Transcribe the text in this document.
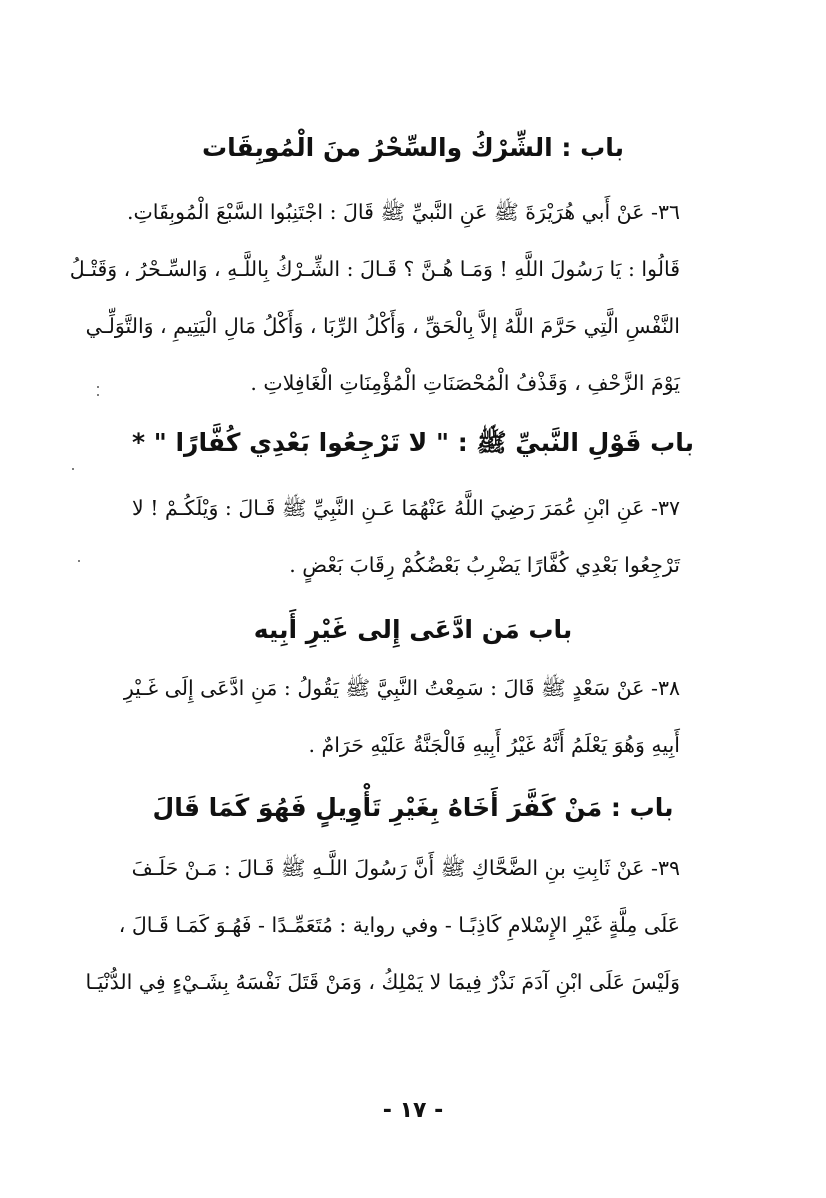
باب : الشِّرْكُ والسِّحْرُ منَ الْمُوبِقَات
٣٦- عَنْ أَبي هُرَيْرَةَ ﷺ عَنِ النَّبيِّ ﷺ قَالَ : اجْتَنِبُوا السَّبْعَ الْمُوبِقَاتِ.
قَالُوا : يَا رَسُولَ اللَّهِ ! وَمَـا هُـنَّ ؟ قَـالَ : الشِّـرْكُ بِاللَّـهِ ، وَالسِّـحْرُ ، وَقَتْـلُ
النَّفْسِ الَّتِي حَرَّمَ اللَّهُ إلاَّ بِالْحَقِّ ، وَأَكْلُ الرِّبَا ، وَأَكْلُ مَالِ الْيَتِيمِ ، وَالتَّوَلِّـي
يَوْمَ الزَّحْفِ ، وَقَذْفُ الْمُحْصَنَاتِ الْمُؤْمِنَاتِ الْغَافِلاتِ .
باب قَوْلِ النَّبيِّ ﷺ : " لا تَرْجِعُوا بَعْدِي كُفَّارًا " *
٣٧- عَنِ ابْنِ عُمَرَ رَضِيَ اللَّهُ عَنْهُمَا عَـنِ النَّبِيِّ ﷺ قَـالَ : وَيْلَكُـمْ ! لا
تَرْجِعُوا بَعْدِي كُفَّارًا يَضْرِبُ بَعْضُكُمْ رِقَابَ بَعْضٍ .
باب مَن ادَّعَى إِلى غَيْرِ أَبِيه
٣٨- عَنْ سَعْدٍ ﷺ قَالَ : سَمِعْتُ النَّبِيَّ ﷺ يَقُولُ : مَنِ ادَّعَى إِلَى غَـيْرِ
أَبِيهِ وَهُوَ يَعْلَمُ أَنَّهُ غَيْرُ أَبِيهِ فَالْجَنَّةُ عَلَيْهِ حَرَامٌ .
باب : مَنْ كَفَّرَ أَخَاهُ بِغَيْرِ تَأْوِيلٍ فَهُوَ كَمَا قَالَ
٣٩- عَنْ ثَابِتِ بنِ الضَّحَّاكِ ﷺ أَنَّ رَسُولَ اللَّـهِ ﷺ قَـالَ : مَـنْ حَلَـفَ
عَلَى مِلَّةٍ غَيْرِ الإِسْلامِ كَاذِبًـا - وفي رواية : مُتَعَمِّـدًا - فَهُـوَ كَمَـا قَـالَ ،
وَلَيْسَ عَلَى ابْنِ آدَمَ نَذْرٌ فِيمَا لا يَمْلِكُ ، وَمَنْ قَتَلَ نَفْسَهُ بِشَـيْءٍ فِي الدُّنْيَـا
- ١٧ -
